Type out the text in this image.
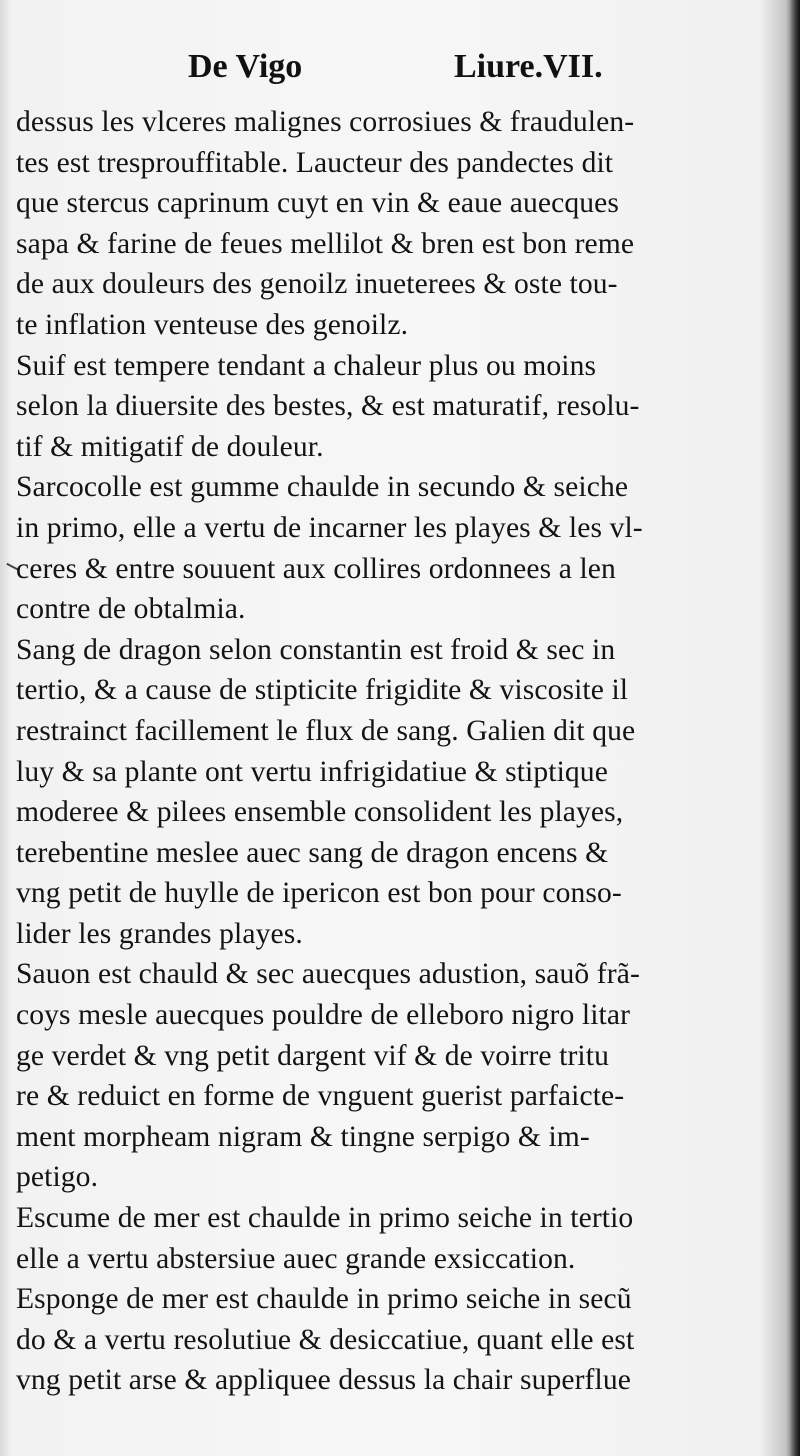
De Vigo	Liure.VII.
dessus les vlceres malignes corrosiues & fraudulen-
tes est tresprouffitable. Laucteur des pandectes dit
que stercus caprinum cuyt en vin & eaue auecques
sapa & farine de feues mellilot & bren est bon reme
de aux douleurs des genoilz inueterees & oste tou-
te inflation venteuse des genoilz.
Suif est tempere tendant a chaleur plus ou moins
selon la diuersite des bestes, & est maturatif, resolu-
tif & mitigatif de douleur.
Sarcocolle est gumme chaulde in secundo & seiche
in primo, elle a vertu de incarner les playes & les vl-
ceres & entre souuent aux collires ordonnees a len
contre de obtalmia.
Sang de dragon selon constantin est froid & sec in
tertio, & a cause de stipticite frigidite & viscosite il
restrainct facillement le flux de sang. Galien dit que
luy & sa plante ont vertu infrigidatiue & stiptique
moderee & pilees ensemble consolident les playes,
terebentine meslee auec sang de dragon encens &
vng petit de huylle de ipericon est bon pour conso-
lider les grandes playes.
Sauon est chauld & sec auecques adustion, sauõ frã-
coys mesle auecques pouldre de elleboro nigro litar
ge verdet & vng petit dargent vif & de voirre tritu
re & reduict en forme de vnguent guerist parfaicte-
ment morpheam nigram & tingne serpigo & im-
petigo.
Escume de mer est chaulde in primo seiche in tertio
elle a vertu abstersiue auec grande exsiccation.
Esponge de mer est chaulde in primo seiche in secũ
do & a vertu resolutiue & desiccatiue, quant elle est
vng petit arse & appliquee dessus la chair superflue
